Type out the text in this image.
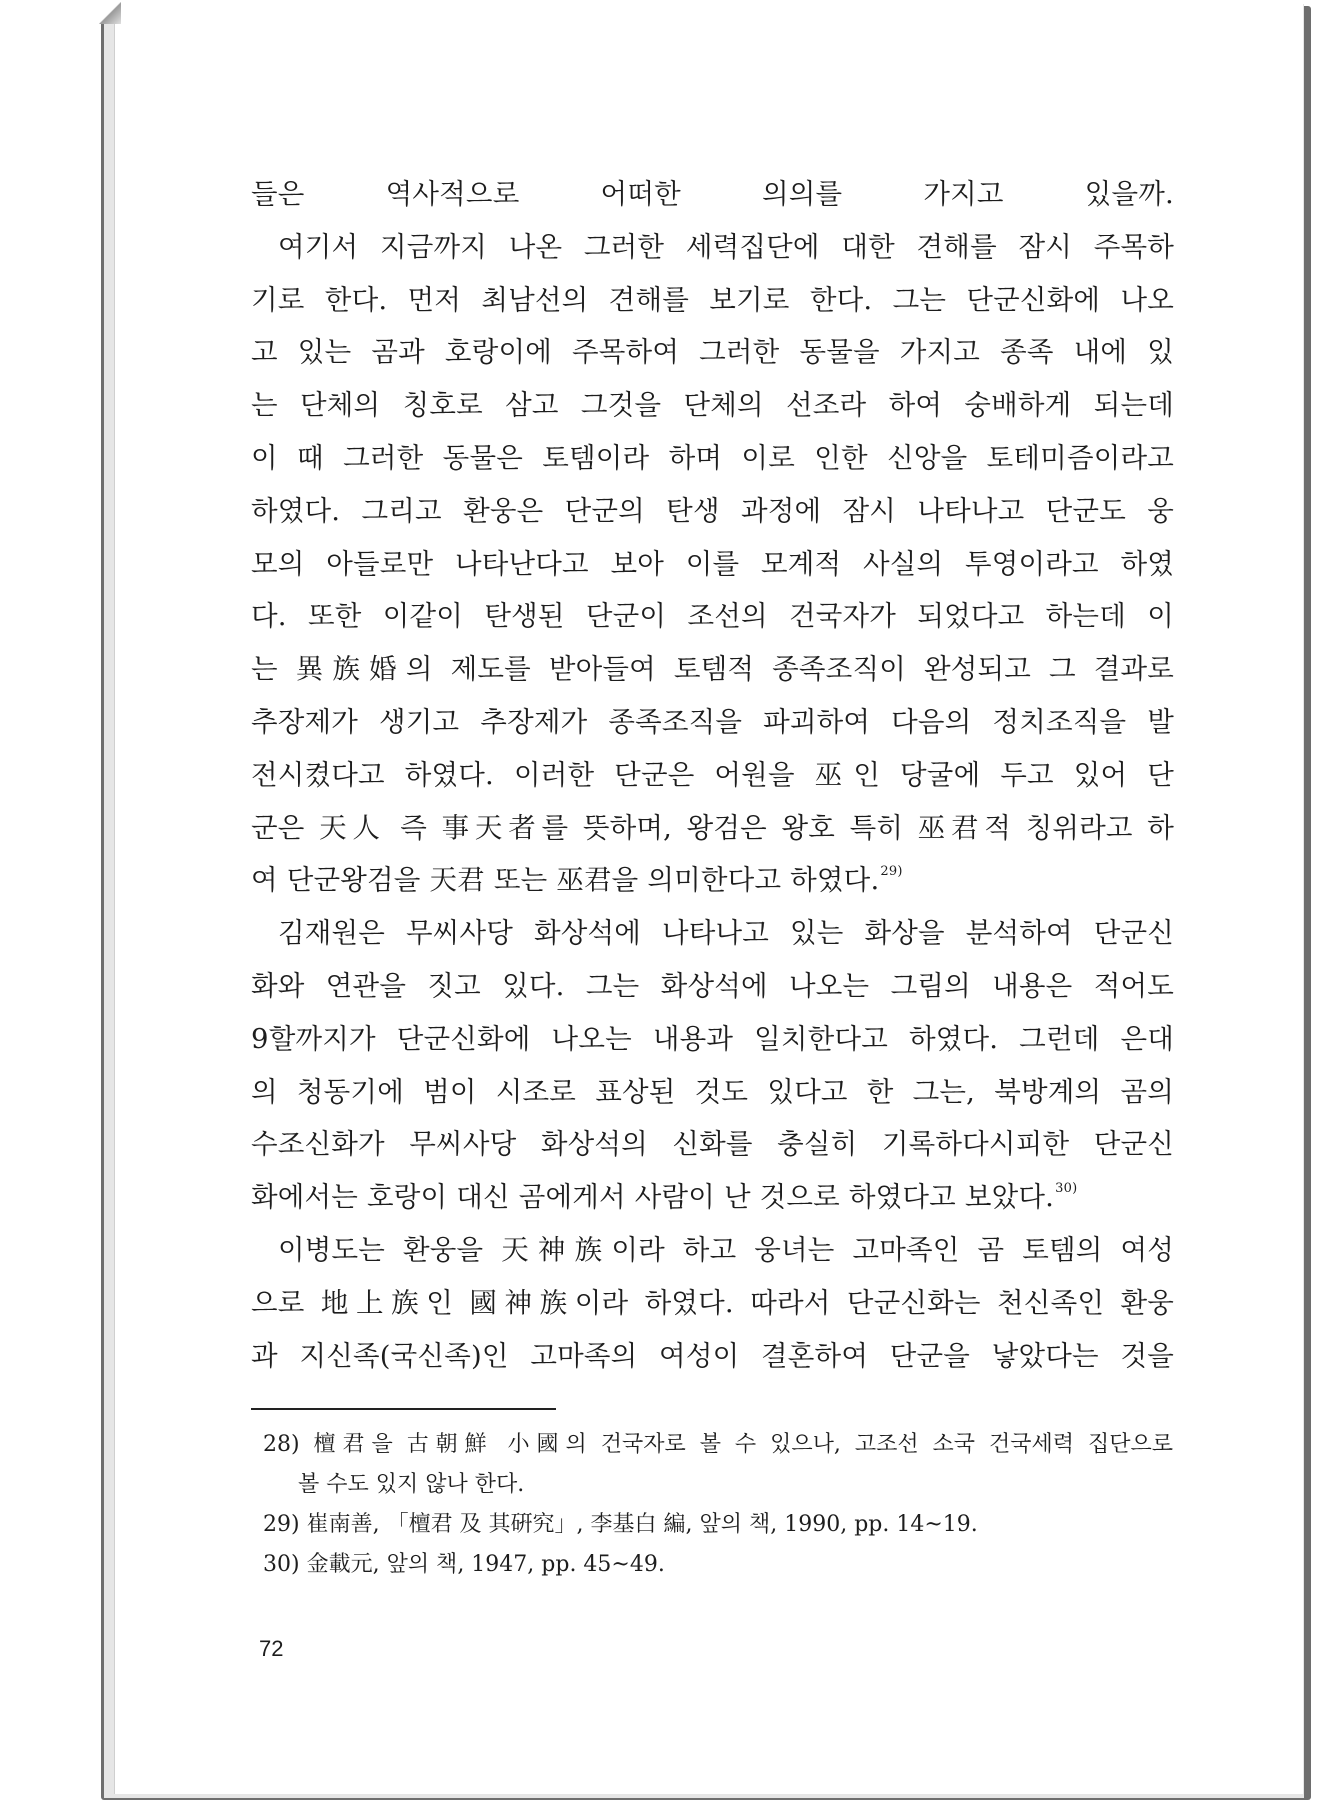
들은 역사적으로 어떠한 의의를 가지고 있을까.
여기서 지금까지 나온 그러한 세력집단에 대한 견해를 잠시 주목하
기로 한다. 먼저 최남선의 견해를 보기로 한다. 그는 단군신화에 나오
고 있는 곰과 호랑이에 주목하여 그러한 동물을 가지고 종족 내에 있
는 단체의 칭호로 삼고 그것을 단체의 선조라 하여 숭배하게 되는데
이 때 그러한 동물은 토템이라 하며 이로 인한 신앙을 토테미즘이라고
하였다. 그리고 환웅은 단군의 탄생 과정에 잠시 나타나고 단군도 웅
모의 아들로만 나타난다고 보아 이를 모계적 사실의 투영이라고 하였
다. 또한 이같이 탄생된 단군이 조선의 건국자가 되었다고 하는데 이
는 異族婚의 제도를 받아들여 토템적 종족조직이 완성되고 그 결과로
추장제가 생기고 추장제가 종족조직을 파괴하여 다음의 정치조직을 발
전시켰다고 하였다. 이러한 단군은 어원을 巫인 당굴에 두고 있어 단
군은 天人 즉 事天者를 뜻하며, 왕검은 왕호 특히 巫君적 칭위라고 하
여 단군왕검을 天君 또는 巫君을 의미한다고 하였다.$^{29)}$
김재원은 무씨사당 화상석에 나타나고 있는 화상을 분석하여 단군신
화와 연관을 짓고 있다. 그는 화상석에 나오는 그림의 내용은 적어도
9할까지가 단군신화에 나오는 내용과 일치한다고 하였다. 그런데 은대
의 청동기에 범이 시조로 표상된 것도 있다고 한 그는, 북방계의 곰의
수조신화가 무씨사당 화상석의 신화를 충실히 기록하다시피한 단군신
화에서는 호랑이 대신 곰에게서 사람이 난 것으로 하였다고 보았다.$^{30)}$
이병도는 환웅을 天神族이라 하고 웅녀는 고마족인 곰 토템의 여성
으로 地上族인 國神族이라 하였다. 따라서 단군신화는 천신족인 환웅
과 지신족(국신족)인 고마족의 여성이 결혼하여 단군을 낳았다는 것을
28) 檀君을 古朝鮮 小國의 건국자로 볼 수 있으나, 고조선 소국 건국세력 집단으로
볼 수도 있지 않나 한다.
29) 崔南善, 「檀君 及 其硏究」, 李基白 編, 앞의 책, 1990, pp. 14~19.
30) 金載元, 앞의 책, 1947, pp. 45~49.
72
